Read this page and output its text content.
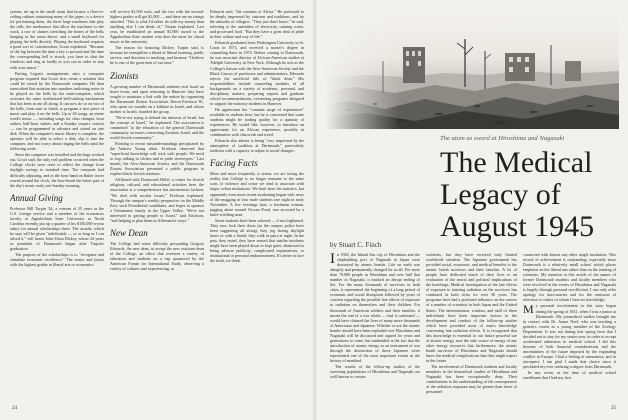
system, set up in the small room that houses a floor-to-ceiling cabinet containing many of the pipes, is a device for performing them, the three large machines that play the rolls, the moderators that allow the machines to the stock, a row of chimes stretching the bones of the bells hanging in the room above, and a small keyboard for playing the bells directly. Playing the keyboard requires a good sort of concentration, Groot explained. "Because of the lag between the time a key is pressed and the time the corresponding bell is struck, you have to shut the windows and sing as loudly as you can in order to stay with your music."

Putting Logan's arrangements onto a computer program required that Groot first create a notation that could be stored by the Dartmouth computer. He then transcribed that notation into numbers indicating notes to be played on the bells by the mini-computer, which activates the same synthesized bell-striking mechanism that has been in use all along. It can now do so on two of the bells, from start to finish, to program a new piece of music and play it on the bells. Up to 40 songs, an entire week's music — including songs for class changes, hour strikes, half-hour strikes, and a Sunday vespers concert — can be programmed in advance and stored on one disk. When the computer's music library is complete, the operator will be able to select a disk, slip it into the computer, and not worry about ringing the bells until the following week.

Since the computer was installed and the bugs worked out, Groot said, the only real problem occurred when the College clocks were reset to reflect the change from daylight savings to standard time. The computer had difficulty adjusting, and as the hour hand on Baker tower roared around the clock, the bow-beard the better part of the day's music early one Sunday morning.

Annual Giving

Professor Bill Turpin '44, a veteran of 25 years in the U.S. foreign service and a member of the economics faculty at Appalachian State University in North Carolina recently put up a quarter of his $150,000-a-year salary for annual scholarships there. The awards, which he says will be given "indefinitely — or as long as I can afford it," will honor John Sloan Dickey, whose 24 years as president of Dartmouth began after Turpin's graduation.

The purpose of the scholarships is to "recognize and stimulate economic excellence." The senior and junior with the highest grades in liberal arts or economics

will receive $1,500 each, and the two with the second-highest grades will get $1,000 — and there are no strings attached. "This is what I'd rather do with my money than anything else I can think of," Turpin explained. Last year, he established an annual $1,000 award to the Appalachian State student who does the most for choral music at the university.

The reason for honoring Dickey, Turpin said, is because he exemplifies a blend of liberal learning, public service, and devotion to teaching, and because "I believe he is one of the great men of our time."

Zionists

A growing number of Dartmouth students visit Israel on leave terms, and upon returning to Hanover they have sought to maintain a link with the nation by organizing the Dartmouth Zionist Association. Deron Erickson '81, who spent six months on a kibbutz in Israel, and whose mother is Israeli, founded the group.

"We're not trying to defend the interests of Israel, but the concept of Israel," he explained. The association is committed "to the education of the general Dartmouth community on issues concerning Zionism, Israel, and the world Jewish community."

Pointing to recent misunderstandings precipitated by the Andrew Young affair, Erickson observed that "superficial knowledge will stick with people. We need to stop talking in cliches and in pride stereotypes." Last month, the Afro-American Society and the Dartmouth Zionist Association presented a public program to explore black-Jewish relations.

Affiliated with Dartmouth Hillel, a center for Jewish religious, cultural, and educational activities here, the association is a comprehensive but autonomous fashion. "We deal with secular issues," Erickson explained. Through the campus's weekly perspective on the Middle East, such Presidential candidates, and hopes to sponsor a Vietnamese family in the Upper Valley. "We're not interested in getting people to Israel," said Erickson, "and helping to plan them in Affirmative ways."

New Dean

The College had some difficulty persuading Gregory Edwards, the new dean, to accept the new assistant dean of the College, an office that oversees a variety of education and students on a trip sponsored by the American Forum for International Study, observing a variety of cultures and experiencing, at

Edwards said, "the vastness of Africa." He professed to be deeply impressed by customs and traditions, and by the attitudes of villagers. "They just don't know," he said, referring to the amenities of electricity, running water, and processed food. "But they have a great deal of pride in their culture and way of life."

Edwards graduated from Washington University in St. Louis in 1973, and received a master's degree in counseling there in 1974. Before coming to Dartmouth, he was associate director of African-American studies at Adelphi University in New York. Although he acts as the College's liaison with the Afro-American Society and the Black Caucus of professors and administrators, Edwards rejects the unofficial title of "black dean." His responsibilities include counseling students of all backgrounds on a variety of academic, personal, and disciplinary matters, preparing reports and graduate school recommendations, overseeing programs designed to support the minority students in Hanover.

He appreciates the "constant surge of experiences" available to students here, but he is concerned that some students might be trading quality for a quantity of experiences. He would like, however, to introduce an opportunity for an African experience, possibly in combination with classwork and travel.

Edwards also admits to being "very impressed by the atmosphere of tradition at Dartmouth," particularly tradition with a capacity to adjust to social changes.

Facing Facts

More and more frequently, it seems, we are facing the reality that College is no longer immune to the same sorts of violence and crime we tend to associate with larger, urban institutions. We don't have the statistics, but apparently even most recent awakening began with news of the mugging of four male students one night in early November. A few evenings later, a freshman woman, jogging alone around Occom Pond, was accosted by a knife-wielding man.

Some students have been sobered — if not frightened. They now lock their doors (as the campus police have been suggesting all along), they jog during daylight hours or with a friend, they walk in pairs at night. In the past, they noted, they have sensed that similar incidents might have been played down or kept quiet, dismissed as being adverse publicity, complicated explanations, or institutional or personal embarrassment. It's better to face the truth, we think.

24
The atom as sword at Hiroshima and Nagasaki
The Medical
Legacy of
August 1945
by Stuart C. Finch

In 1945, the Inland Sea city of Hiroshima and the shipbuilding port of Nagasaki in Japan were destroyed by atomic bombs. Life on earth was abruptly and permanently changed for us all. For more than 70,000 people in Hiroshima and over half that number in Nagasaki, it marked an abrupt ending of life. For the many thousands of survivors in both cities, it represented the beginning of a long period of economic and social disruption followed by years of concern regarding the possible late effects of exposure to radiation on themselves and their children. For thousands of American soldiers and their families, it meant the end of a war which — had it continued — would have claimed the lives of many more thousands of Americans and Japanese. Whether or not the atomic bombs should have been exploded over Hiroshima and Nagasaki will be discussed and argued for years and generations to come, but undeniable is the fact that the introduction of atomic energy as an instrument of war through the destruction of those Japanese cities represented one of the most important events in the history of mankind.

The results of the follow-up studies of the surviving populations of Hiroshima and Nagasaki are well known to certain

scientists, but they have received only limited worldwide attention. The Japanese government has provided social, economic, and medical benefits to the atomic bomb survivors and their families. A lot of people have dedicated much of their lives to an evaluation of the moral and political implications of the bombings. Medical investigation of the late effects of exposure to ionizing radiation on the survivors has continued in both cities for over 30 years. The programs have had a profound influence on the careers of a number of scientists in both Japan and the United States. The determination, wisdom, and skill of these individuals have been important factors in the development and conduct of the follow-up studies which have provided most of man's knowledge concerning late radiation effects. It is recognized that this knowledge is essential to our future peaceful use of atomic energy, now the only source of energy of any other energy resources that furthermore, the atomic bomb survivors of Hiroshima and Nagasaki should know the medical complications that they might expect in the future.

The involvement of Dartmouth students and faculty members in the biomedical studies of Hiroshima and Nagasaki has been exceptionally deep. Their contributions to the understanding of the consequences of the radiation exposure may be greater than those of personnel

connected with almost any other single institution. This record of achievement is outstanding, especially since Dartmouth is a relatively small school which places emphasis on the liberal arts rather than on the training of scientists. My mention in this article of the names of former Dartmouth students and faculty members who were involved in the events of Hiroshima and Nagasaki is largely through personal recollection. I can only offer apology for inaccuracies and for the omission of reference to others of whom I have no knowledge.

My personal involvement in this story began during the spring of 1941, when I was a junior at Dartmouth. My premedical studies brought me in contact with Dr. James Neel, who was teaching a genetics course as a young member of the Zoology Department. It was not during that spring term that I decided not to stay for my senior year, in order to accept accelerated admission to medical school. I did this because of both financial considerations and the uncertainties of the future imposed by the expanding conflict in Europe. I had a feeling of uneasiness, and in retrospect, I am glad I made that choice since it precluded my ever realizing a degree from Dartmouth.

In any event, at the time of medical school enrollment that I had my first

25
